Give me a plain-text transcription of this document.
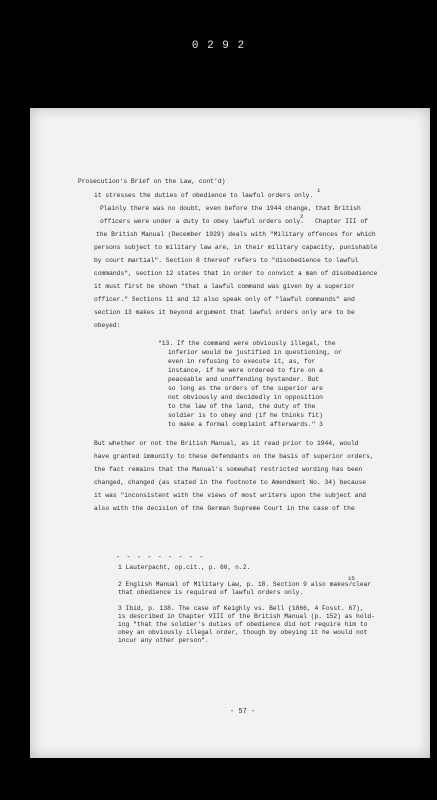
0 2 9 2
Prosecution's Brief on the Law, cont'd)
it stresses the duties of obedience to lawful orders only.
1
Plainly there was no doubt, even before the 1944 change, that British
officers were under a duty to obey lawful orders only.
2
Chapter III of
the British Manual (December 1929) deals with "Military offences for which
persons subject to military law are, in their military capacity, punishable
by court martial". Section 8 thereof refers to "disobedience to lawful
commands", section 12 states that in order to convict a man of disobedience
it must first be shown "that a lawful command was given by a superior
officer." Sections 11 and 12 also speak only of "lawful commands" and
section 13 makes it beyond argument that lawful orders only are to be
obeyed:
"13. If the command were obviously illegal, the
inferior would be justified in questioning, or
even in refusing to execute it, as, for
instance, if he were ordered to fire on a
peaceable and unoffending bystander. But
so long as the orders of the superior are
not obviously and decidedly in opposition
to the law of the land, the duty of the
soldier is to obey and (if he thinks fit)
to make a formal complaint afterwards." 3
But whether or not the British Manual, as it read prior to 1944, would
have granted immunity to these defendants on the basis of superior orders,
the fact remains that the Manual's somewhat restricted wording has been
changed, changed (as stated in the footnote to Amendment No. 34) because
it was "inconsistent with the views of most writers upon the subject and
also with the decision of the German Supreme Court in the case of the
- - - - - - - - -
1 Lauterpacht, op.cit., p. 60, n.2.
15
2 English Manual of Military Law, p. 18. Section 9 also makes/clear
that obedience is required of lawful orders only.
3 Ibid, p. 138. The case of Keighly vs. Bell (1866, 4 Fosst. 67),
is described in Chapter VIII of the British Manual (p. 152) as hold-
ing "that the soldier's duties of obedience did not require him to
obey an obviously illegal order, though by obeying it he would not
incur any other person".
- 57 -
